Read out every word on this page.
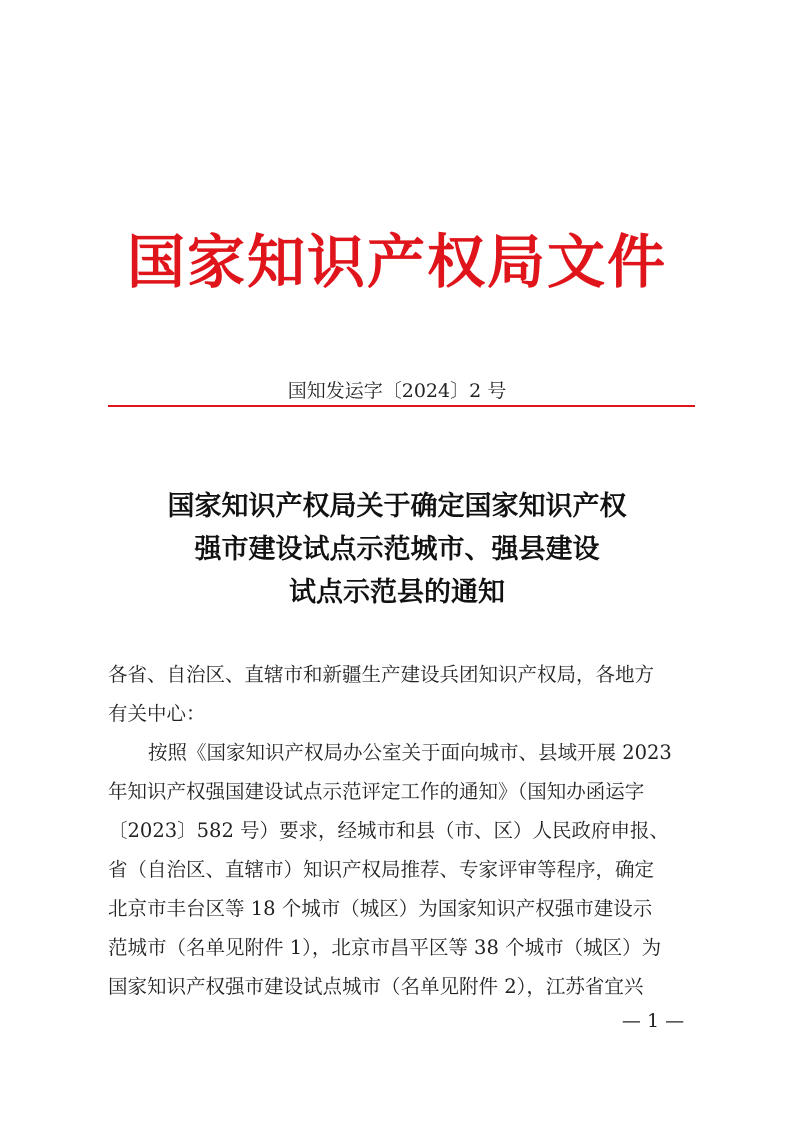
国家知识产权局文件
国知发运字〔2024〕2 号
国家知识产权局关于确定国家知识产权
强市建设试点示范城市、强县建设
试点示范县的通知
各省、自治区、直辖市和新疆生产建设兵团知识产权局，各地方
有关中心：
按照《国家知识产权局办公室关于面向城市、县域开展 2023
年知识产权强国建设试点示范评定工作的通知》（国知办函运字
〔2023〕582 号）要求，经城市和县（市、区）人民政府申报、
省（自治区、直辖市）知识产权局推荐、专家评审等程序，确定
北京市丰台区等 18 个城市（城区）为国家知识产权强市建设示
范城市（名单见附件 1），北京市昌平区等 38 个城市（城区）为
国家知识产权强市建设试点城市（名单见附件 2），江苏省宜兴
— 1 —
